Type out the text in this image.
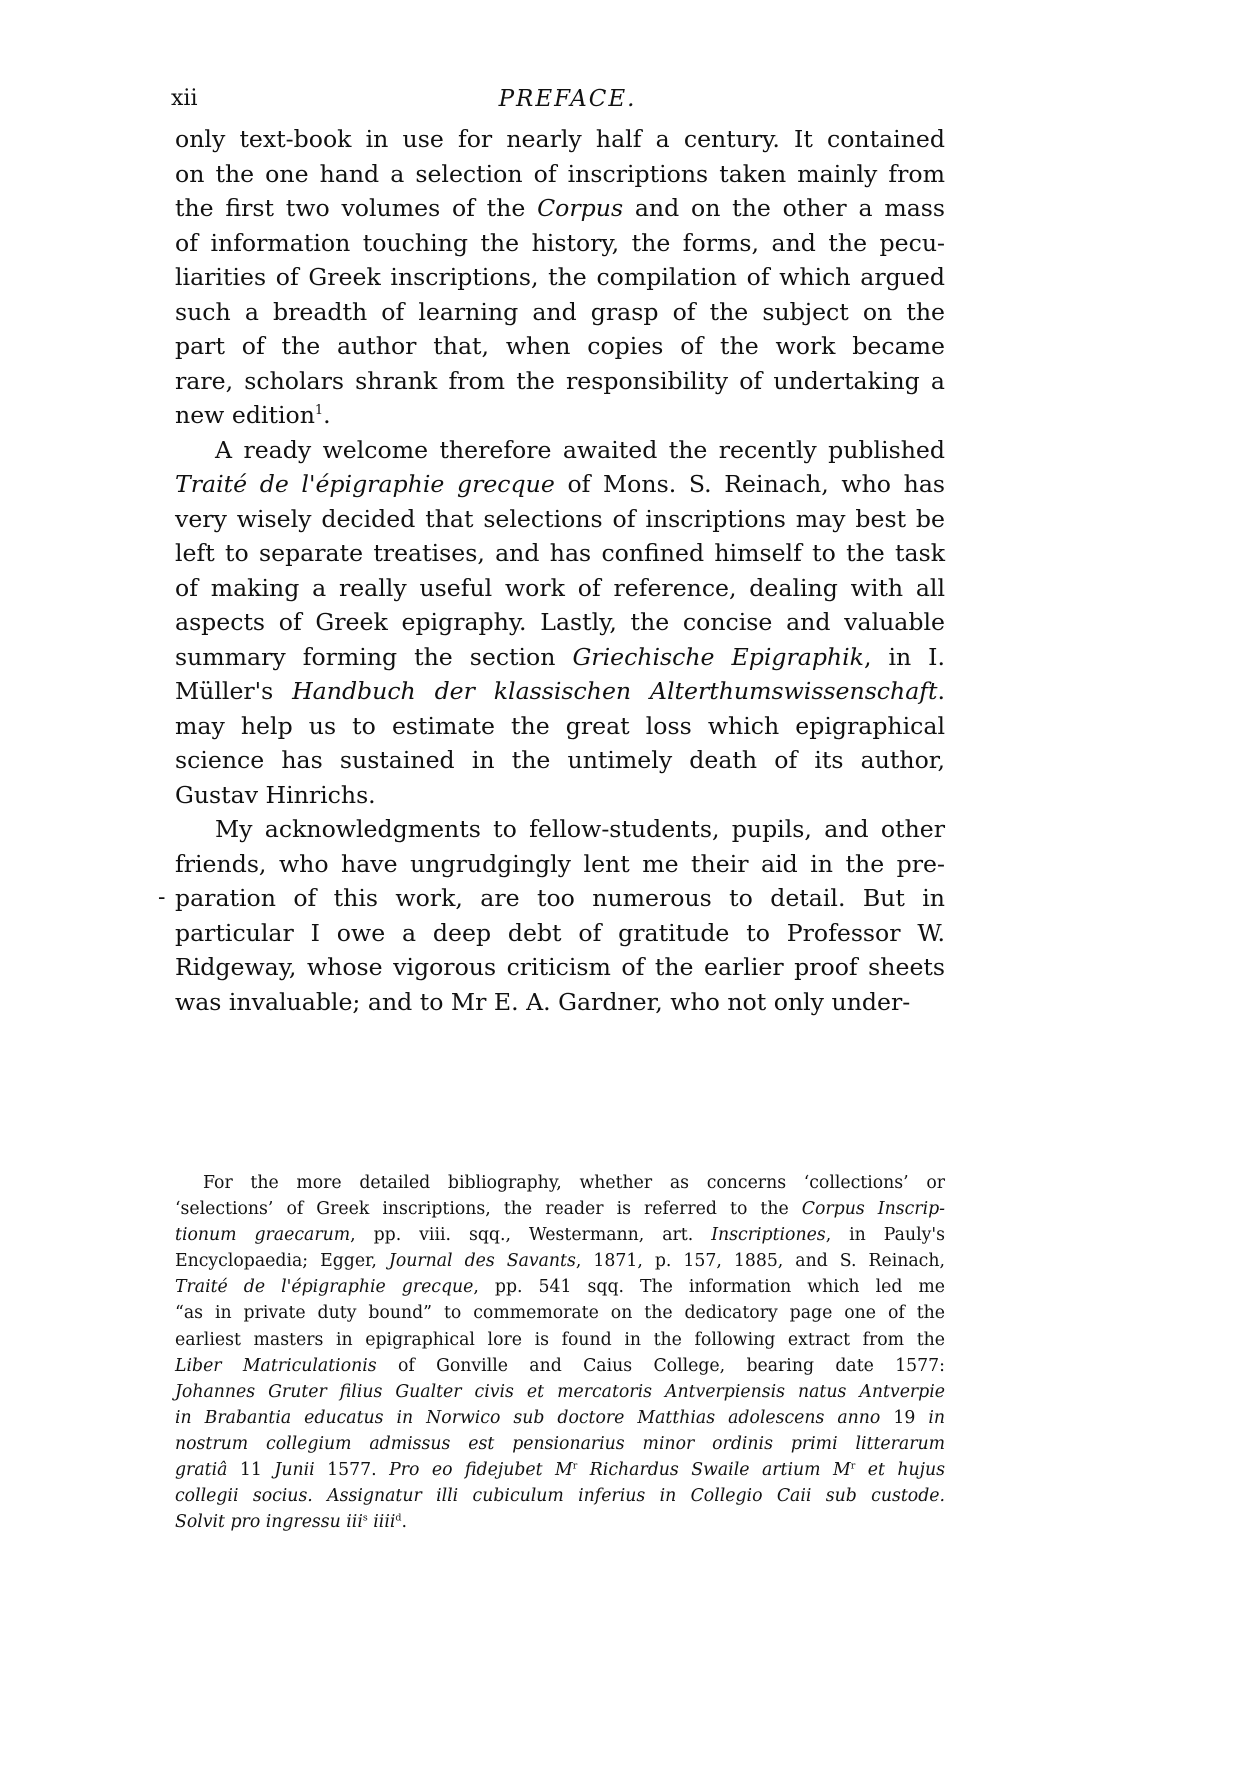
xii	PREFACE.
only text-book in use for nearly half a century. It contained
on the one hand a selection of inscriptions taken mainly from
the first two volumes of the Corpus and on the other a mass
of information touching the history, the forms, and the pecu-
liarities of Greek inscriptions, the compilation of which argued
such a breadth of learning and grasp of the subject on the
part of the author that, when copies of the work became
rare, scholars shrank from the responsibility of undertaking a
new edition$^1$.
A ready welcome therefore awaited the recently published
Traité de l'épigraphie grecque of Mons. S. Reinach, who has
very wisely decided that selections of inscriptions may best be
left to separate treatises, and has confined himself to the task
of making a really useful work of reference, dealing with all
aspects of Greek epigraphy. Lastly, the concise and valuable
summary forming the section Griechische Epigraphik, in I.
Müller's Handbuch der klassischen Alterthumswissenschaft.
may help us to estimate the great loss which epigraphical
science has sustained in the untimely death of its author,
Gustav Hinrichs.
My acknowledgments to fellow-students, pupils, and other
friends, who have ungrudgingly lent me their aid in the pre-
paration of this work, are too numerous to detail. But in
particular I owe a deep debt of gratitude to Professor W.
Ridgeway, whose vigorous criticism of the earlier proof sheets
was invaluable; and to Mr E. A. Gardner, who not only under-
-
For the more detailed bibliography, whether as concerns ‘collections’ or
‘selections’ of Greek inscriptions, the reader is referred to the Corpus Inscrip-
tionum graecarum, pp. viii. sqq., Westermann, art. Inscriptiones, in Pauly's
Encyclopaedia; Egger, Journal des Savants, 1871, p. 157, 1885, and S. Reinach,
Traité de l'épigraphie grecque, pp. 541 sqq. The information which led me
“as in private duty bound” to commemorate on the dedicatory page one of the
earliest masters in epigraphical lore is found in the following extract from the
Liber Matriculationis of Gonville and Caius College, bearing date 1577:
Johannes Gruter filius Gualter civis et mercatoris Antverpiensis natus Antverpie
in Brabantia educatus in Norwico sub doctore Matthias adolescens anno 19 in
nostrum collegium admissus est pensionarius minor ordinis primi litterarum
gratiâ 11 Junii 1577. Pro eo fidejubet $M^r$ Richardus Swaile artium $M^r$ et hujus
collegii socius. Assignatur illi cubiculum inferius in Collegio Caii sub custode.
Solvit pro ingressu iii$^s$ iiii$^d$.
